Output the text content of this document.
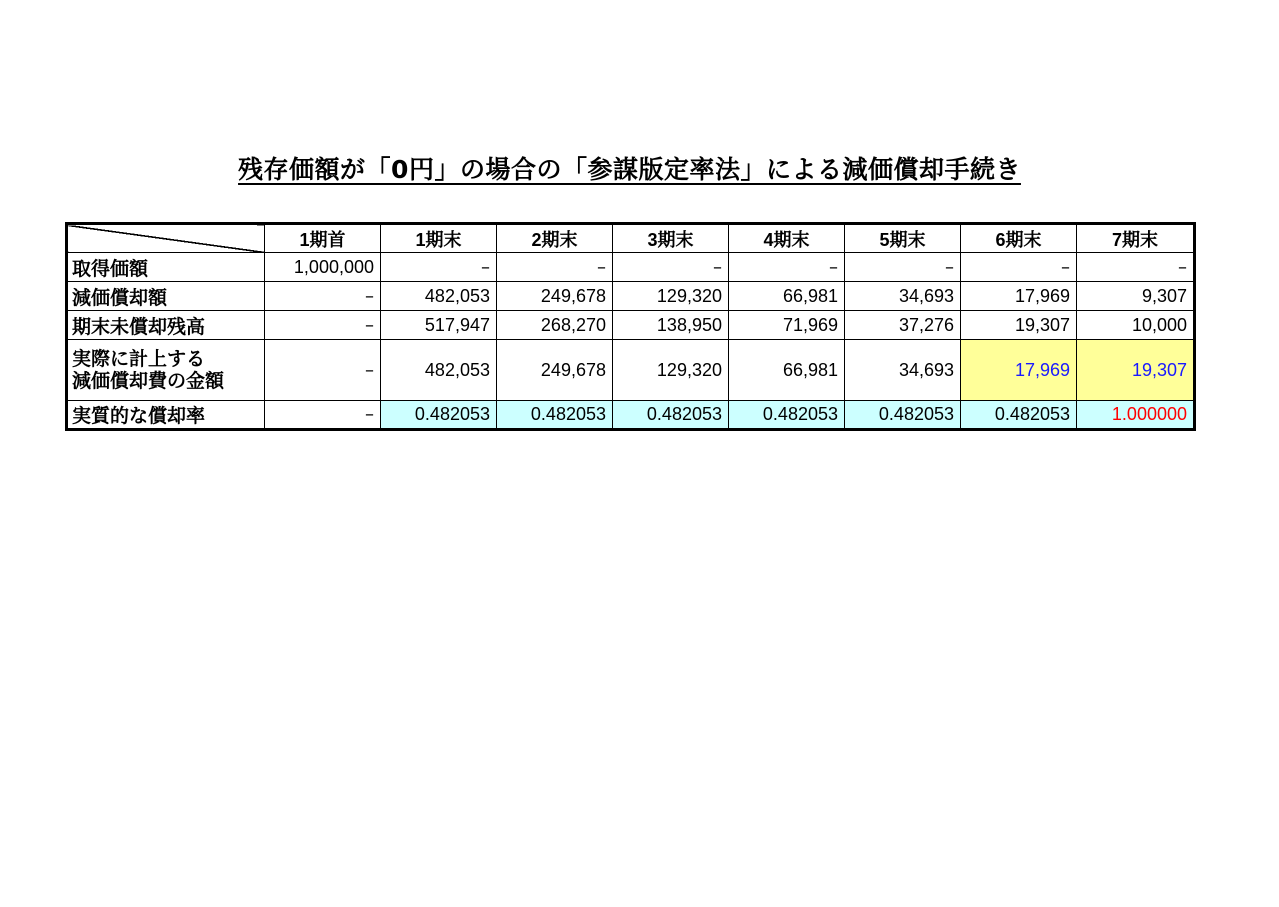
残存価額が「0円」の場合の「参謀版定率法」による減価償却手続き
	1期首	1期末	2期末	3期末	4期末	5期末	6期末	7期末
取得価額	1,000,000	–	–	–	–	–	–	–
減価償却額	–	482,053	249,678	129,320	66,981	34,693	17,969	9,307
期末未償却残高	–	517,947	268,270	138,950	71,969	37,276	19,307	10,000

実際に計上する
減価償却費の金額	–	482,053	249,678	129,320	66,981	34,693	17,969	19,307
実質的な償却率	–	0.482053	0.482053	0.482053	0.482053	0.482053	0.482053	1.000000
